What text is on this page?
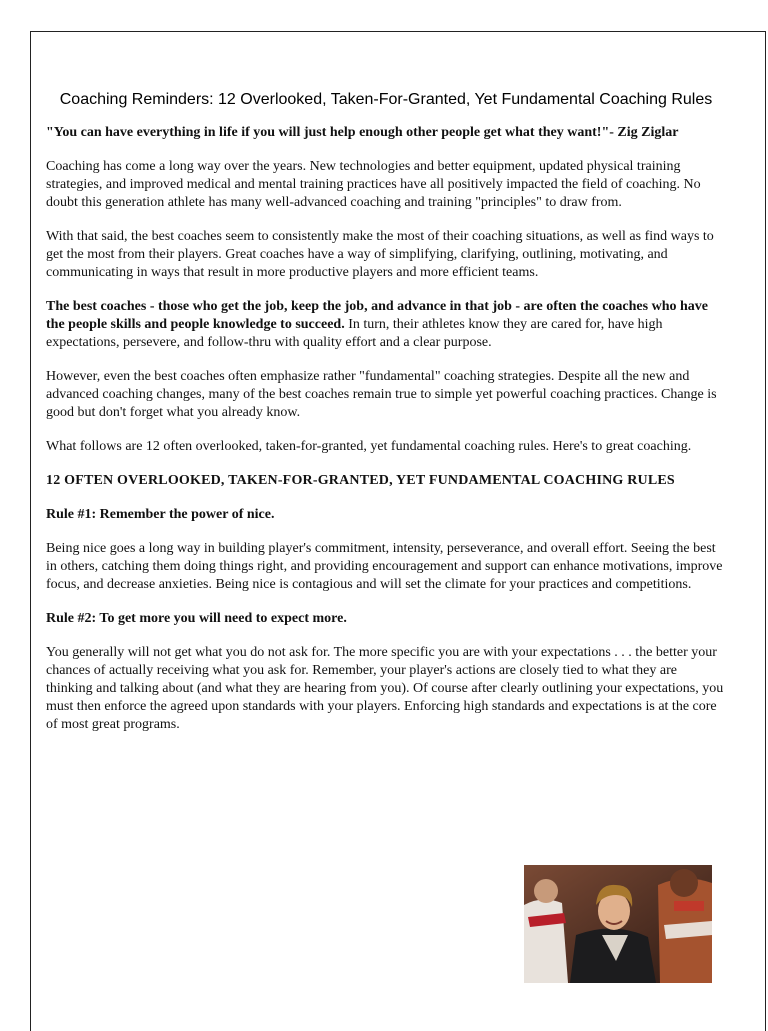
Coaching Reminders: 12 Overlooked, Taken-For-Granted, Yet Fundamental Coaching Rules

"You can have everything in life if you will just help enough other people get what they want!"- Zig Ziglar

Coaching has come a long way over the years. New technologies and better equipment, updated physical training strategies, and improved medical and mental training practices have all positively impacted the field of coaching. No doubt this generation athlete has many well-advanced coaching and training "principles" to draw from.

With that said, the best coaches seem to consistently make the most of their coaching situations, as well as find ways to get the most from their players. Great coaches have a way of simplifying, clarifying, outlining, motivating, and communicating in ways that result in more productive players and more efficient teams.

The best coaches - those who get the job, keep the job, and advance in that job - are often the coaches who have the people skills and people knowledge to succeed. In turn, their athletes know they are cared for, have high expectations, persevere, and follow-thru with quality effort and a clear purpose.

However, even the best coaches often emphasize rather "fundamental" coaching strategies. Despite all the new and advanced coaching changes, many of the best coaches remain true to simple yet powerful coaching practices. Change is good but don't forget what you already know.

What follows are 12 often overlooked, taken-for-granted, yet fundamental coaching rules. Here's to great coaching.

12 OFTEN OVERLOOKED, TAKEN-FOR-GRANTED, YET FUNDAMENTAL COACHING RULES

Rule #1: Remember the power of nice.

Being nice goes a long way in building player's commitment, intensity, perseverance, and overall effort. Seeing the best in others, catching them doing things right, and providing encouragement and support can enhance motivations, improve focus, and decrease anxieties. Being nice is contagious and will set the climate for your practices and competitions.

Rule #2: To get more you will need to expect more.

You generally will not get what you do not ask for. The more specific you are with your expectations . . . the better your chances of actually receiving what you ask for. Remember, your player's actions are closely tied to what they are thinking and talking about (and what they are hearing from you). Of course after clearly outlining your expectations, you must then enforce the agreed upon standards with your players. Enforcing high standards and expectations is at the core of most great programs.
